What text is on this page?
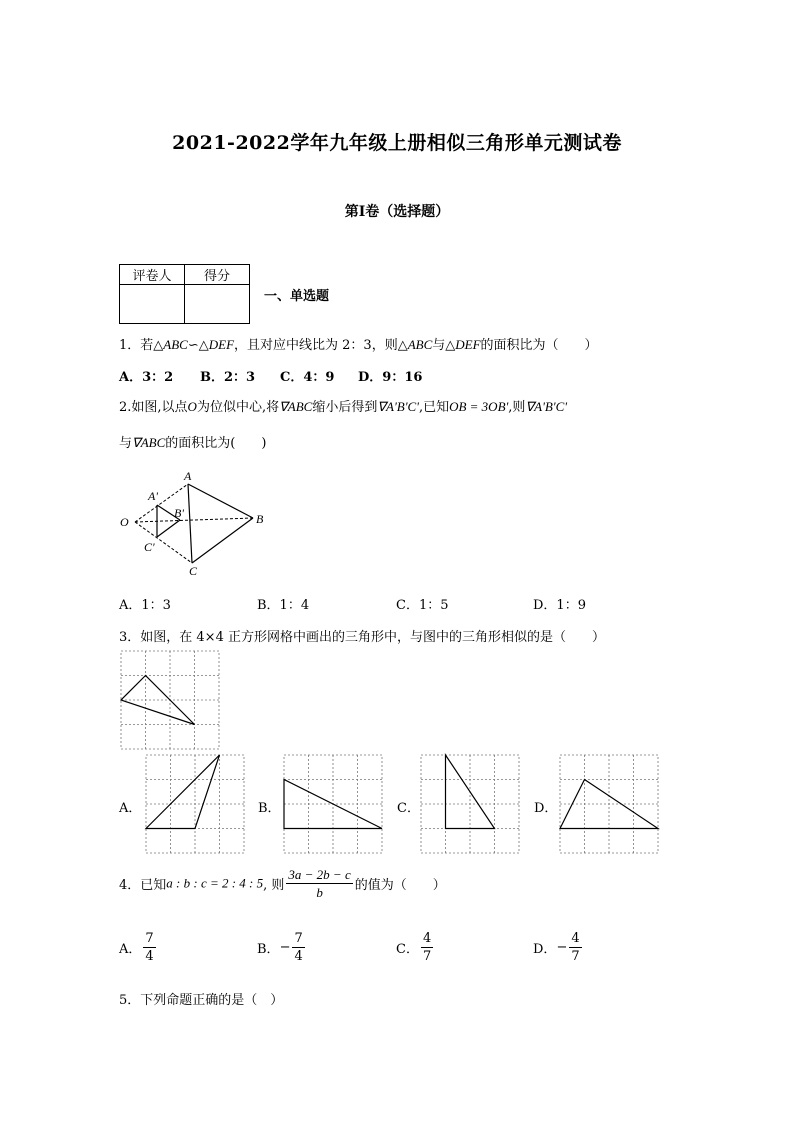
2021-2022学年九年级上册相似三角形单元测试卷
第I卷（选择题）
评卷人	得分

一、单选题
1．若△ABC∽△DEF，且对应中线比为 2：3，则△ABC与△DEF的面积比为（　　）
A．3：2 B．2：3 C．4：9 D．9：16
2.如图,以点O为位似中心,将∇ABC缩小后得到∇A'B'C',已知OB = 3OB',则∇A'B'C'
与∇ABC的面积比为(　　)
A
A'
B
B'
C
C'
O
A．1：3	B．1：4	C．1：5	D．1：9
3．如图，在 4×4 正方形网格中画出的三角形中，与图中的三角形相似的是（　　）
A．	B．	C．	D．
4．已知a : b : c = 2 : 4 : 5, 则 $\frac{3a - 2b - c}{b}$ 的值为（　　）
A． $\frac{7}{4}$	B．− $\frac{7}{4}$	C． $\frac{4}{7}$	D．− $\frac{4}{7}$
5．下列命题正确的是（　）
